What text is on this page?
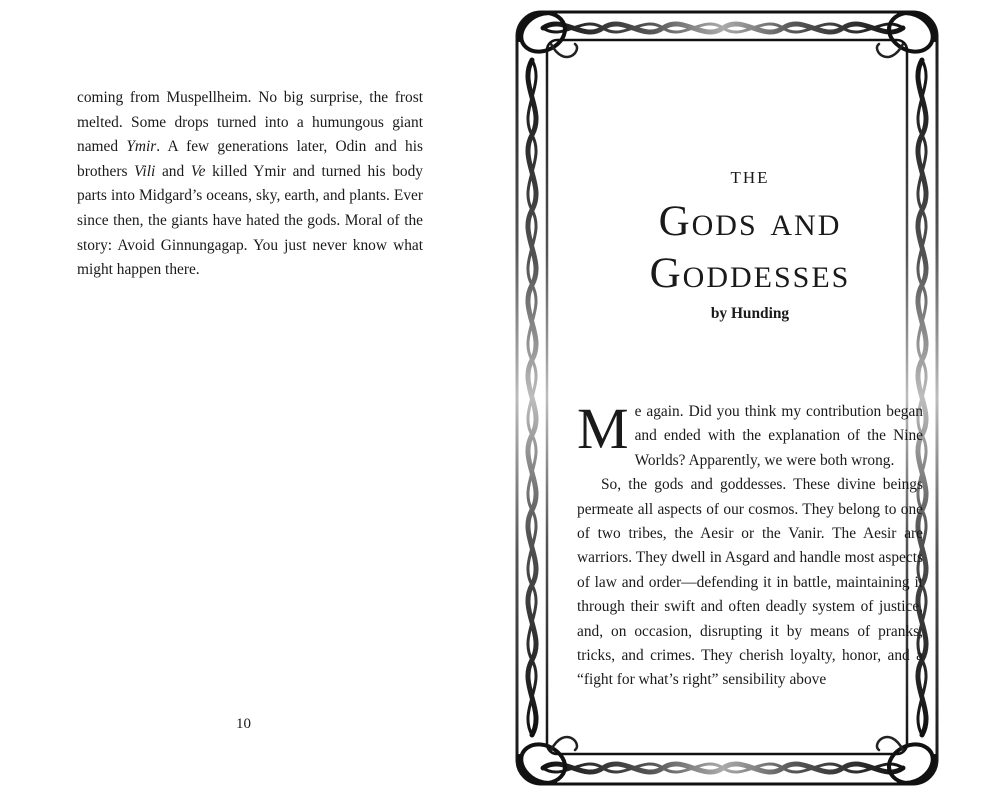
coming from Muspellheim. No big surprise, the frost melted. Some drops turned into a humungous giant named Ymir. A few generations later, Odin and his brothers Vili and Ve killed Ymir and turned his body parts into Midgard’s oceans, sky, earth, and plants. Ever since then, the giants have hated the gods. Moral of the story: Avoid Ginnungagap. You just never know what might happen there.

10
THE
Gods and
Goddesses
by Hunding

Me again. Did you think my contribution began and ended with the explanation of the Nine Worlds? Apparently, we were both wrong.

So, the gods and goddesses. These divine beings permeate all aspects of our cosmos. They belong to one of two tribes, the Aesir or the Vanir. The Aesir are warriors. They dwell in Asgard and handle most aspects of law and order—defending it in battle, maintaining it through their swift and often deadly system of justice, and, on occasion, disrupting it by means of pranks, tricks, and crimes. They cherish loyalty, honor, and a “fight for what’s right” sensibility above
